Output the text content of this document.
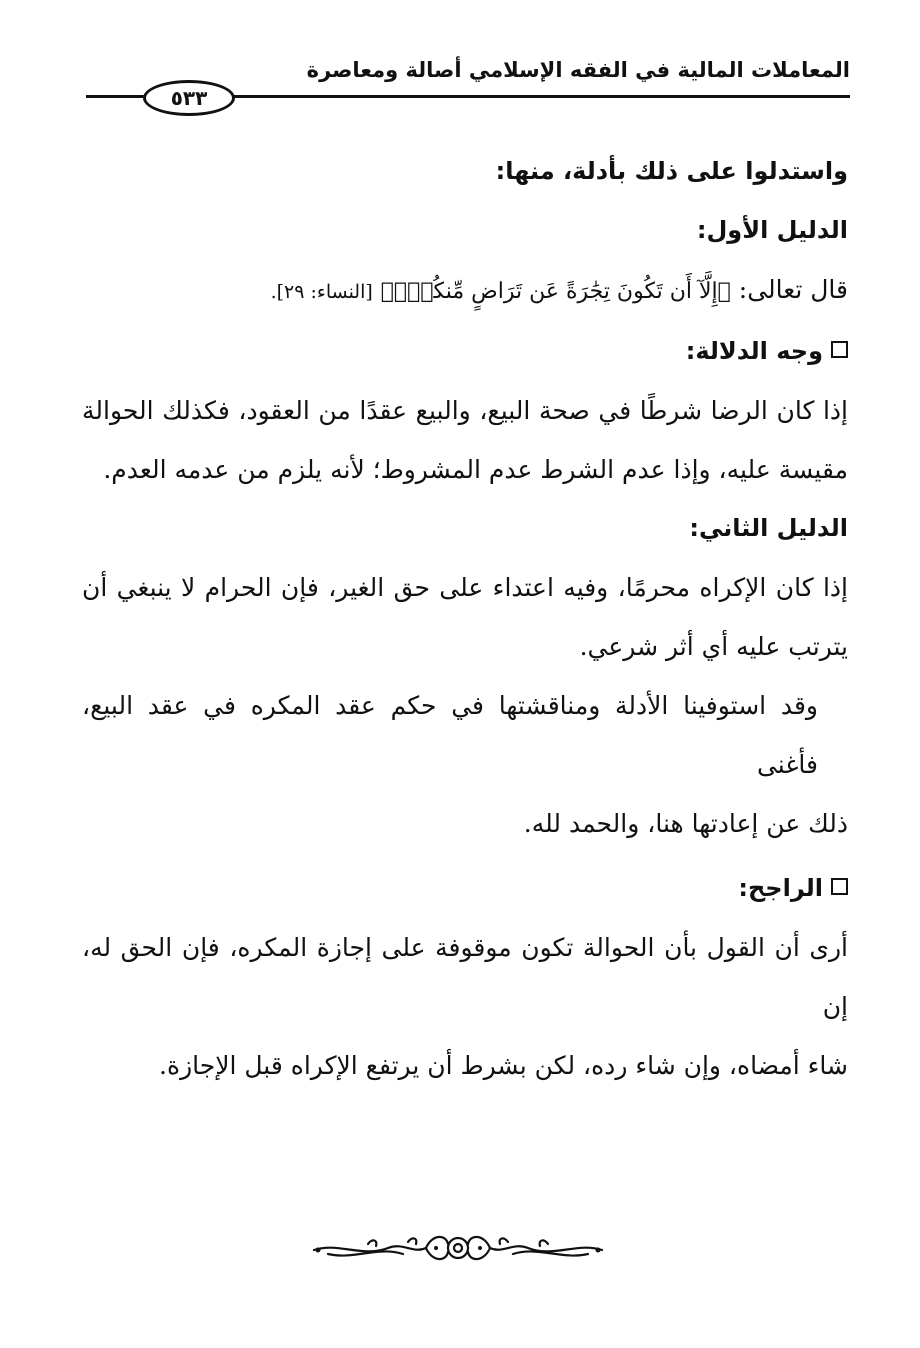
المعاملات المالية في الفقه الإسلامي أصالة ومعاصرة
٥٣٣
واستدلوا على ذلك بأدلة، منها:
الدليل الأول:
قال تعالى: ﴿إِلَّآ أَن تَكُونَ تِجَٰرَةً عَن تَرَاضٍ مِّنكُمۡۚ﴾ [النساء: ٢٩].
وجه الدلالة:
إذا كان الرضا شرطًا في صحة البيع، والبيع عقدًا من العقود، فكذلك الحوالة
مقيسة عليه، وإذا عدم الشرط عدم المشروط؛ لأنه يلزم من عدمه العدم.
الدليل الثاني:
إذا كان الإكراه محرمًا، وفيه اعتداء على حق الغير، فإن الحرام لا ينبغي أن
يترتب عليه أي أثر شرعي.
وقد استوفينا الأدلة ومناقشتها في حكم عقد المكره في عقد البيع، فأغنى
ذلك عن إعادتها هنا، والحمد لله.
الراجح:
أرى أن القول بأن الحوالة تكون موقوفة على إجازة المكره، فإن الحق له، إن
شاء أمضاه، وإن شاء رده، لكن بشرط أن يرتفع الإكراه قبل الإجازة.
